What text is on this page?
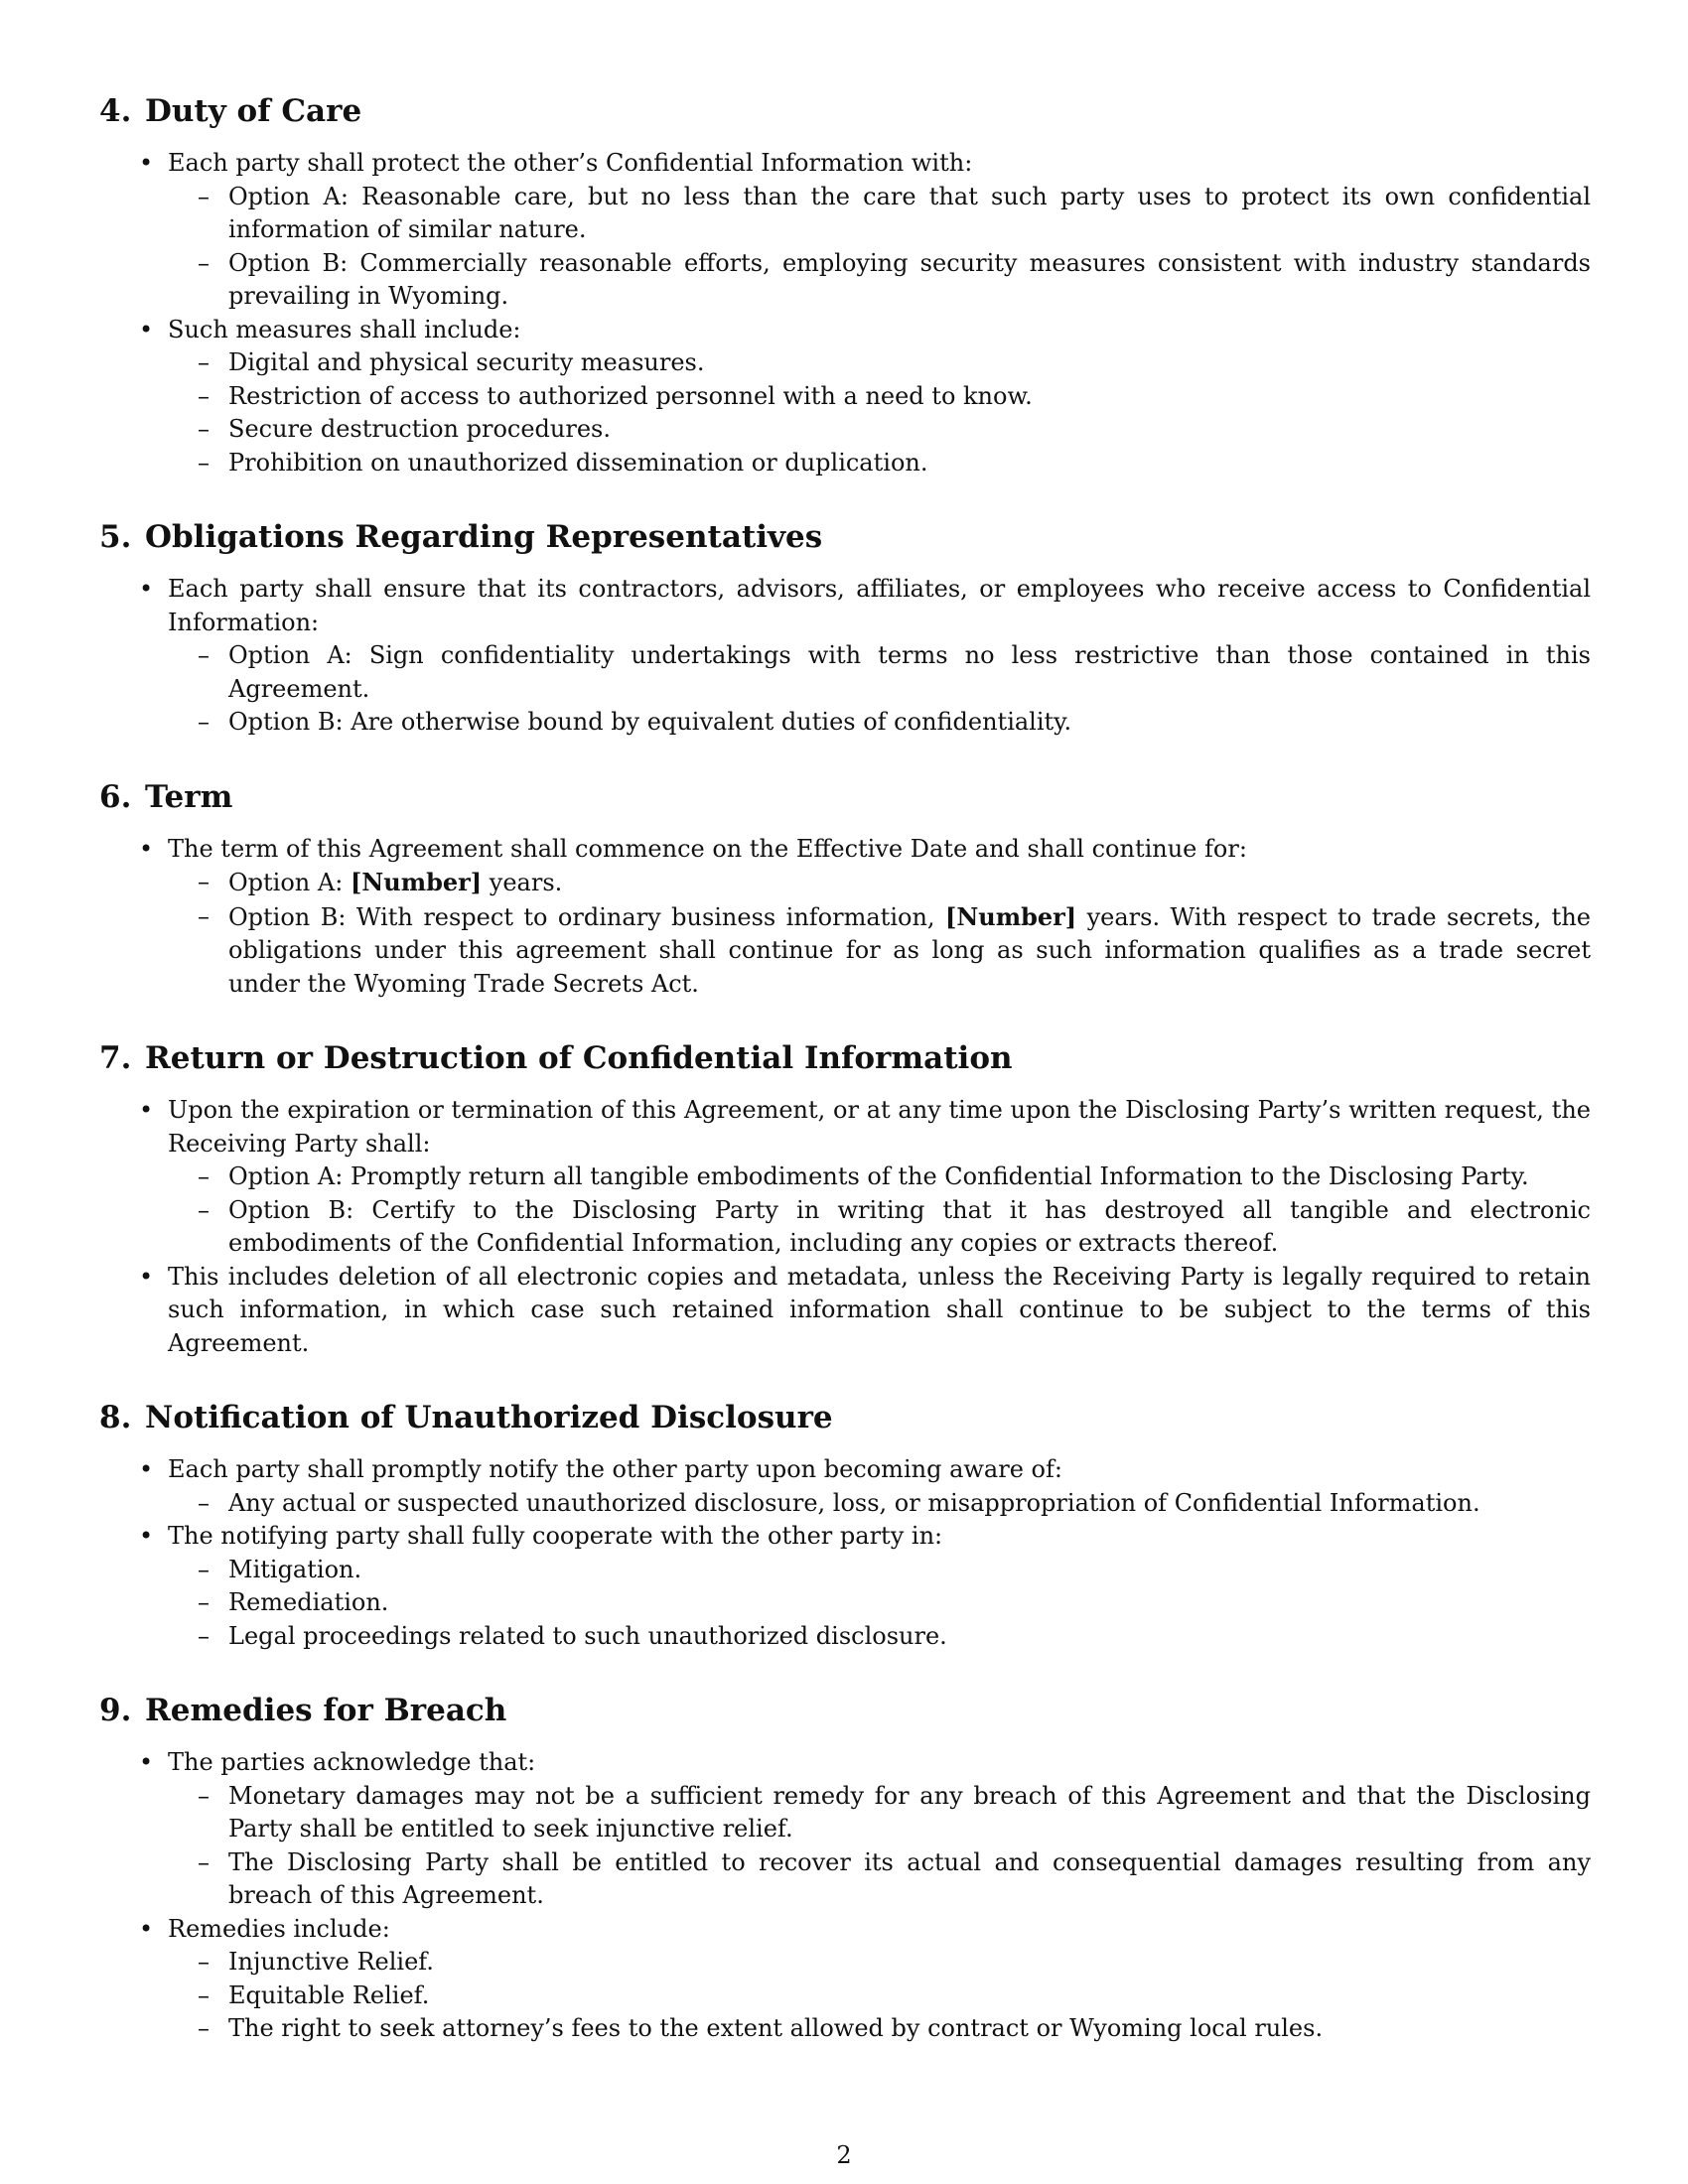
4. Duty of Care
• Each party shall protect the other’s Confidential Information with:
– Option A: Reasonable care, but no less than the care that such party uses to protect its own confidential information of similar nature.
– Option B: Commercially reasonable efforts, employing security measures consistent with industry standards prevailing in Wyoming.
• Such measures shall include:
– Digital and physical security measures.
– Restriction of access to authorized personnel with a need to know.
– Secure destruction procedures.
– Prohibition on unauthorized dissemination or duplication.
5. Obligations Regarding Representatives
• Each party shall ensure that its contractors, advisors, affiliates, or employees who receive access to Confidential Information:
– Option A: Sign confidentiality undertakings with terms no less restrictive than those contained in this Agreement.
– Option B: Are otherwise bound by equivalent duties of confidentiality.
6. Term
• The term of this Agreement shall commence on the Effective Date and shall continue for:
– Option A: [Number] years.
– Option B: With respect to ordinary business information, [Number] years. With respect to trade secrets, the obligations under this agreement shall continue for as long as such information qualifies as a trade secret under the Wyoming Trade Secrets Act.
7. Return or Destruction of Confidential Information
• Upon the expiration or termination of this Agreement, or at any time upon the Disclosing Party’s written request, the Receiving Party shall:
– Option A: Promptly return all tangible embodiments of the Confidential Information to the Disclosing Party.
– Option B: Certify to the Disclosing Party in writing that it has destroyed all tangible and electronic embodiments of the Confidential Information, including any copies or extracts thereof.
• This includes deletion of all electronic copies and metadata, unless the Receiving Party is legally required to retain such information, in which case such retained information shall continue to be subject to the terms of this Agreement.
8. Notification of Unauthorized Disclosure
• Each party shall promptly notify the other party upon becoming aware of:
– Any actual or suspected unauthorized disclosure, loss, or misappropriation of Confidential Information.
• The notifying party shall fully cooperate with the other party in:
– Mitigation.
– Remediation.
– Legal proceedings related to such unauthorized disclosure.
9. Remedies for Breach
• The parties acknowledge that:
– Monetary damages may not be a sufficient remedy for any breach of this Agreement and that the Disclosing Party shall be entitled to seek injunctive relief.
– The Disclosing Party shall be entitled to recover its actual and consequential damages resulting from any breach of this Agreement.
• Remedies include:
– Injunctive Relief.
– Equitable Relief.
– The right to seek attorney’s fees to the extent allowed by contract or Wyoming local rules.
2
